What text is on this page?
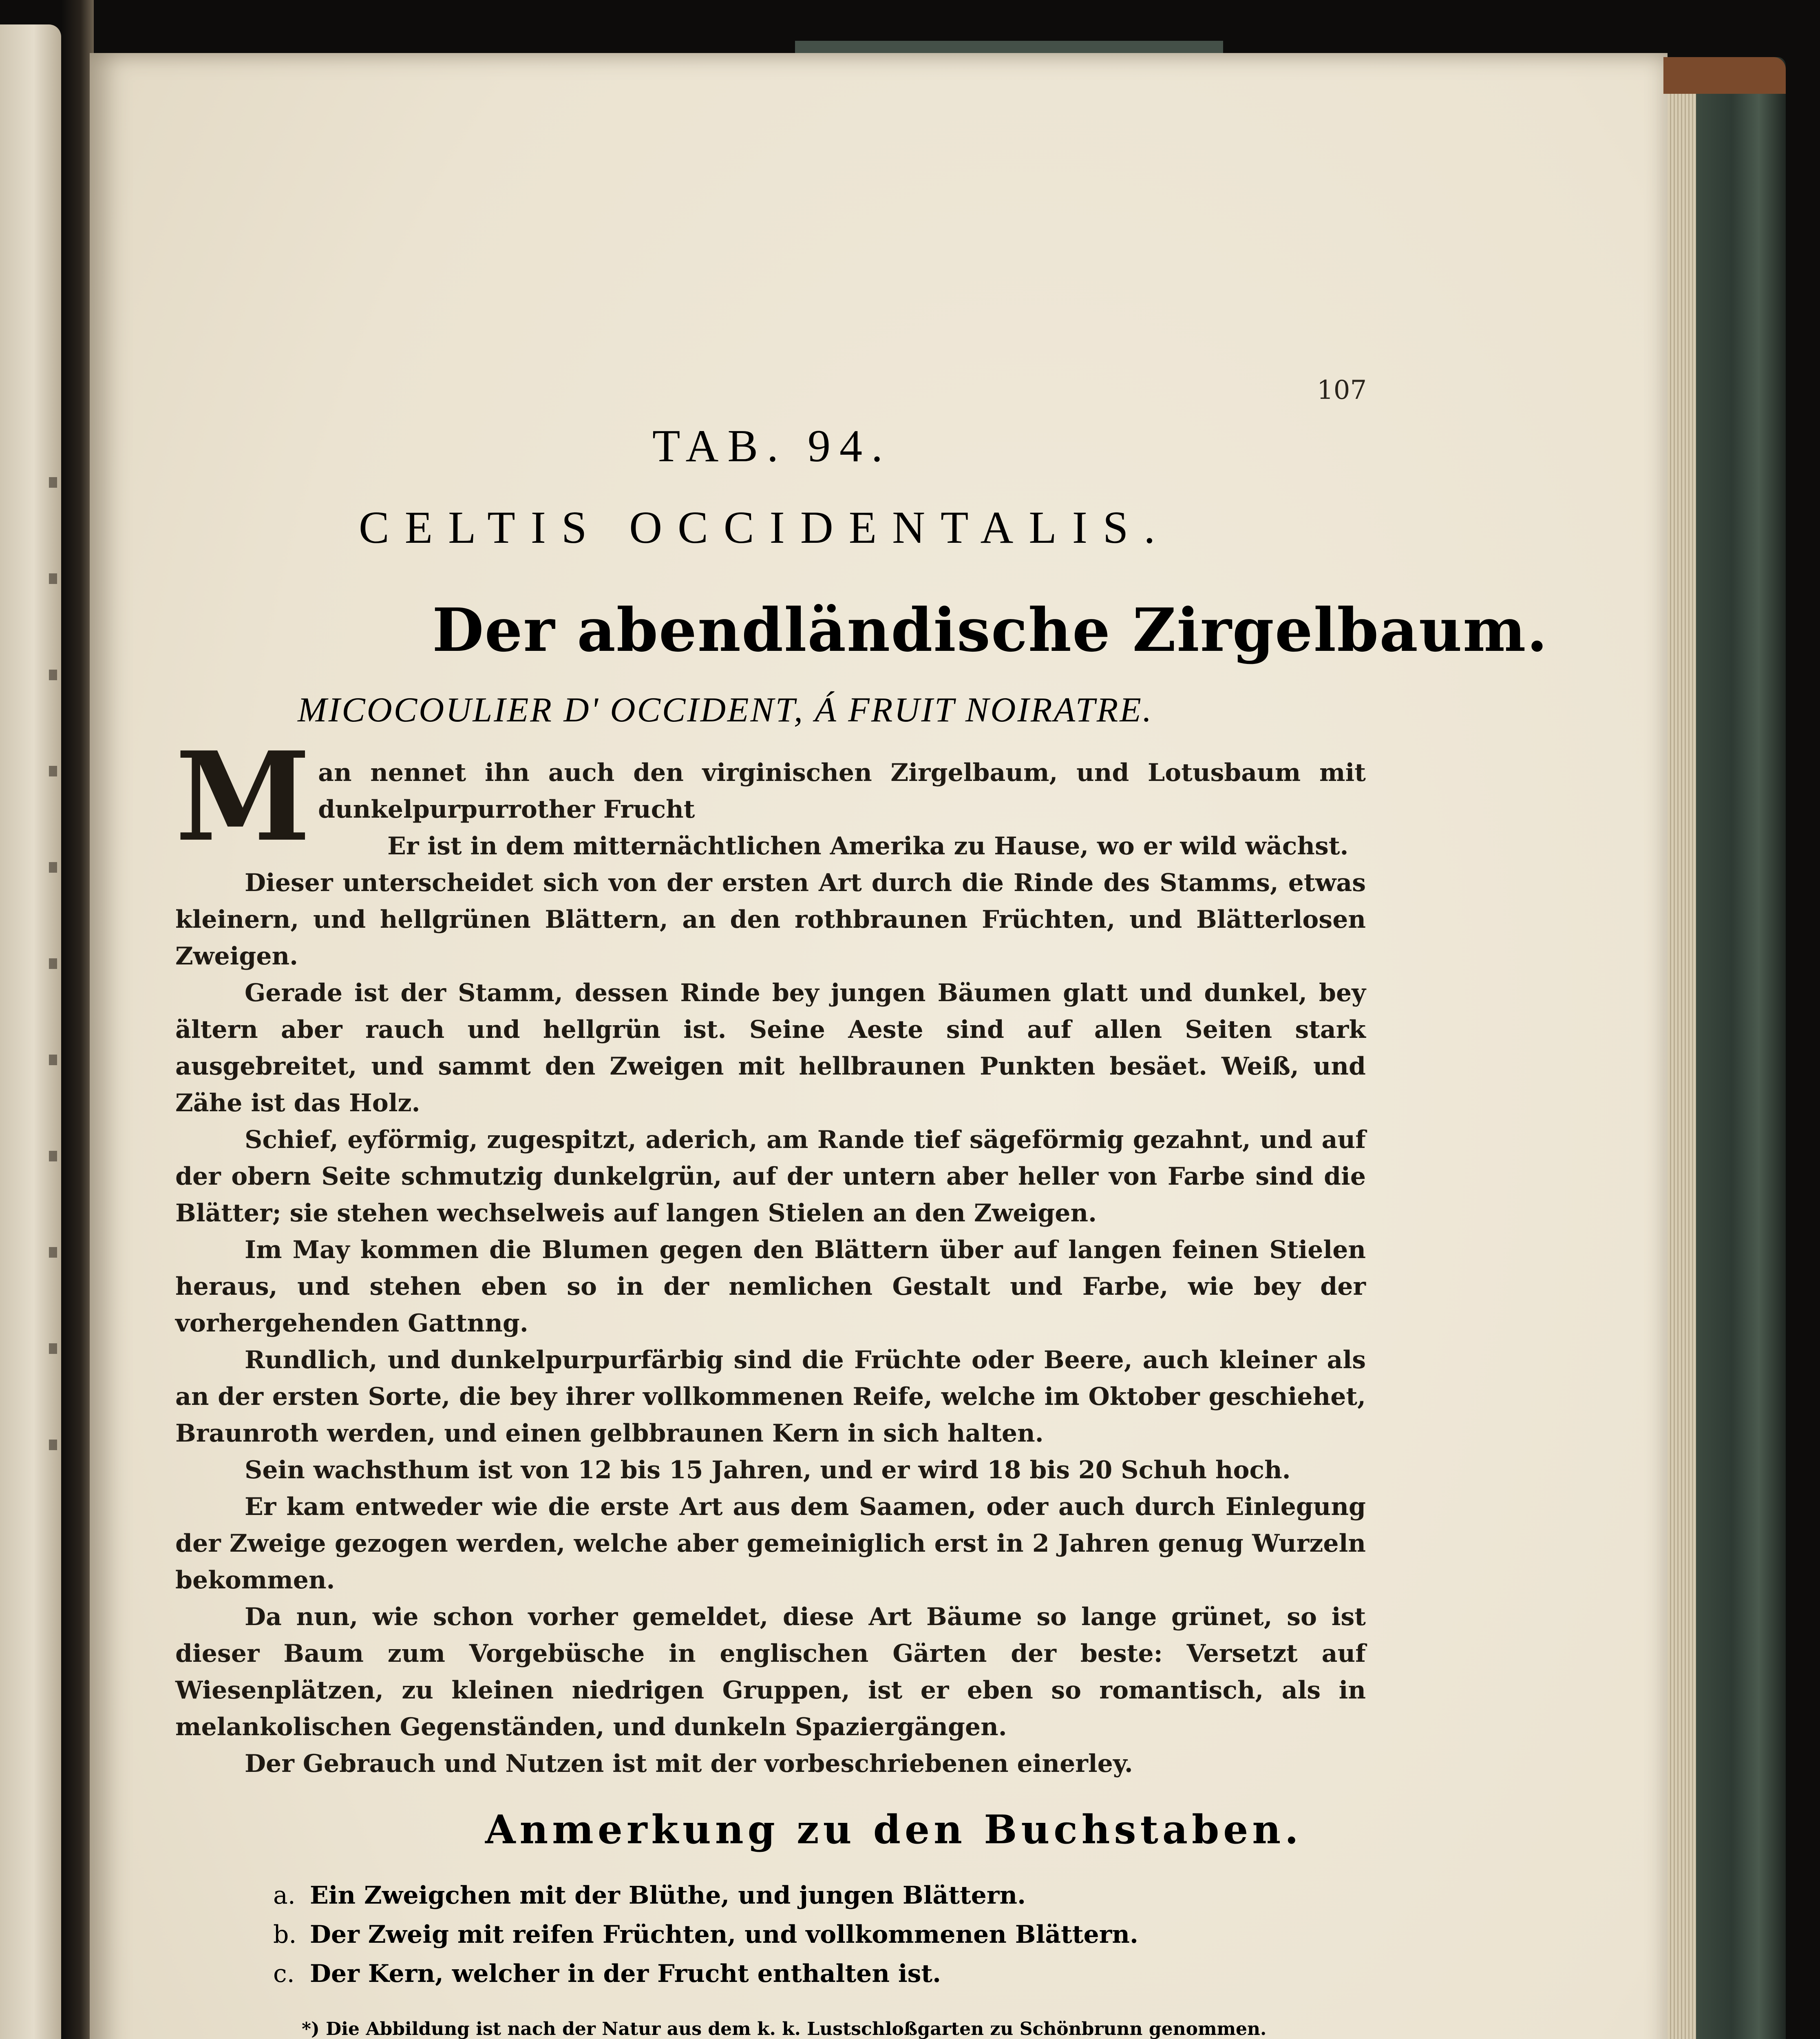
107
TAB. 94.
CELTIS OCCIDENTALIS.
Der abendländische Zirgelbaum.
MICOCOULIER D' OCCIDENT, Á FRUIT NOIRATRE.

Man nennet ihn auch den virginischen Zirgelbaum, und Lotusbaum mit dunkelpurpurrother Frucht

Er ist in dem mitternächtlichen Amerika zu Hause, wo er wild wächst.

Dieser unterscheidet sich von der ersten Art durch die Rinde des Stamms, etwas kleinern, und hellgrünen Blättern, an den rothbraunen Früchten, und Blätterlosen Zweigen.

Gerade ist der Stamm, dessen Rinde bey jungen Bäumen glatt und dunkel, bey ältern aber rauch und hellgrün ist. Seine Aeste sind auf allen Seiten stark ausgebreitet, und sammt den Zweigen mit hellbraunen Punkten besäet. Weiß, und Zähe ist das Holz.

Schief, eyförmig, zugespitzt, aderich, am Rande tief sägeförmig gezahnt, und auf der obern Seite schmutzig dunkelgrün, auf der untern aber heller von Farbe sind die Blätter; sie stehen wechselweis auf langen Stielen an den Zweigen.

Im May kommen die Blumen gegen den Blättern über auf langen feinen Stielen heraus, und stehen eben so in der nemlichen Gestalt und Farbe, wie bey der vorhergehenden Gattnng.

Rundlich, und dunkelpurpurfärbig sind die Früchte oder Beere, auch kleiner als an der ersten Sorte, die bey ihrer vollkommenen Reife, welche im Oktober geschiehet, Braunroth werden, und einen gelbbraunen Kern in sich halten.

Sein wachsthum ist von 12 bis 15 Jahren, und er wird 18 bis 20 Schuh hoch.

Er kam entweder wie die erste Art aus dem Saamen, oder auch durch Einlegung der Zweige gezogen werden, welche aber gemeiniglich erst in 2 Jahren genug Wurzeln bekommen.

Da nun, wie schon vorher gemeldet, diese Art Bäume so lange grünet, so ist dieser Baum zum Vorgebüsche in englischen Gärten der beste: Versetzt auf Wiesenplätzen, zu kleinen niedrigen Gruppen, ist er eben so romantisch, als in melankolischen Gegenständen, und dunkeln Spaziergängen.

Der Gebrauch und Nutzen ist mit der vorbeschriebenen einerley.

Anmerkung zu den Buchstaben.
a. Ein Zweigchen mit der Blüthe, und jungen Blättern.
b. Der Zweig mit reifen Früchten, und vollkommenen Blättern.
c. Der Kern, welcher in der Frucht enthalten ist.
*) Die Abbildung ist nach der Natur aus dem k. k. Lustschloßgarten zu Schönbrunn genommen.
